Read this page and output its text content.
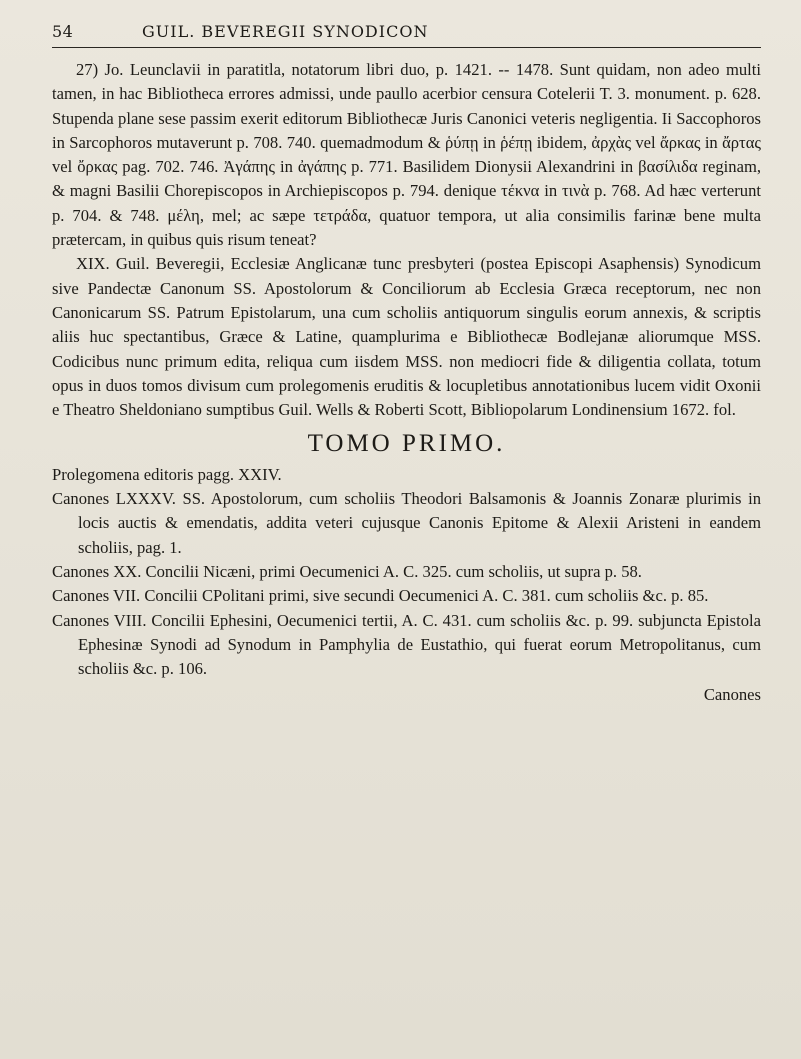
54	GUIL. BEVEREGII SYNODICON

27) Jo. Leunclavii in paratitla, notatorum libri duo, p. 1421. -- 1478. Sunt quidam, non adeo multi tamen, in hac Bibliotheca errores admissi, unde paullo acerbior censura Cotelerii T. 3. monument. p. 628. Stupenda plane sese passim exerit editorum Bibliothecæ Juris Canonici veteris negligentia. Ii Saccophoros in Sarcophoros mutaverunt p. 708. 740. quemadmodum & ῥύπῃ in ῥέπῃ ibidem, ἀρχὰς vel ἄρκας in ἄρτας vel ὄρκας pag. 702. 746. Ἀγάπης in ἀγάπης p. 771. Basilidem Dionysii Alexandrini in βασίλιδα reginam, & magni Basilii Chorepiscopos in Archiepiscopos p. 794. denique τέκνα in τινὰ p. 768. Ad hæc verterunt p. 704. & 748. μέλη, mel; ac sæpe τετράδα, quatuor tempora, ut alia consimilis farinæ bene multa prætercam, in quibus quis risum teneat?

XIX. Guil. Beveregii, Ecclesiæ Anglicanæ tunc presbyteri (postea Episcopi Asaphensis) Synodicum sive Pandectæ Canonum SS. Apostolorum & Conciliorum ab Ecclesia Græca receptorum, nec non Canonicarum SS. Patrum Epistolarum, una cum scholiis antiquorum singulis eorum annexis, & scriptis aliis huc spectantibus, Græce & Latine, quamplurima e Bibliothecæ Bodlejanæ aliorumque MSS. Codicibus nunc primum edita, reliqua cum iisdem MSS. non mediocri fide & diligentia collata, totum opus in duos tomos divisum cum prolegomenis eruditis & locupletibus annotationibus lucem vidit Oxonii e Theatro Sheldoniano sumptibus Guil. Wells & Roberti Scott, Bibliopolarum Londinensium 1672. fol.

TOMO PRIMO.

Prolegomena editoris pagg. XXIV.

Canones LXXXV. SS. Apostolorum, cum scholiis Theodori Balsamonis & Joannis Zonaræ plurimis in locis auctis & emendatis, addita veteri cujusque Canonis Epitome & Alexii Aristeni in eandem scholiis, pag. 1.

Canones XX. Concilii Nicæni, primi Oecumenici A. C. 325. cum scholiis, ut supra p. 58.

Canones VII. Concilii CPolitani primi, sive secundi Oecumenici A. C. 381. cum scholiis &c. p. 85.

Canones VIII. Concilii Ephesini, Oecumenici tertii, A. C. 431. cum scholiis &c. p. 99. subjuncta Epistola Ephesinæ Synodi ad Synodum in Pamphylia de Eustathio, qui fuerat eorum Metropolitanus, cum scholiis &c. p. 106.

Canones
